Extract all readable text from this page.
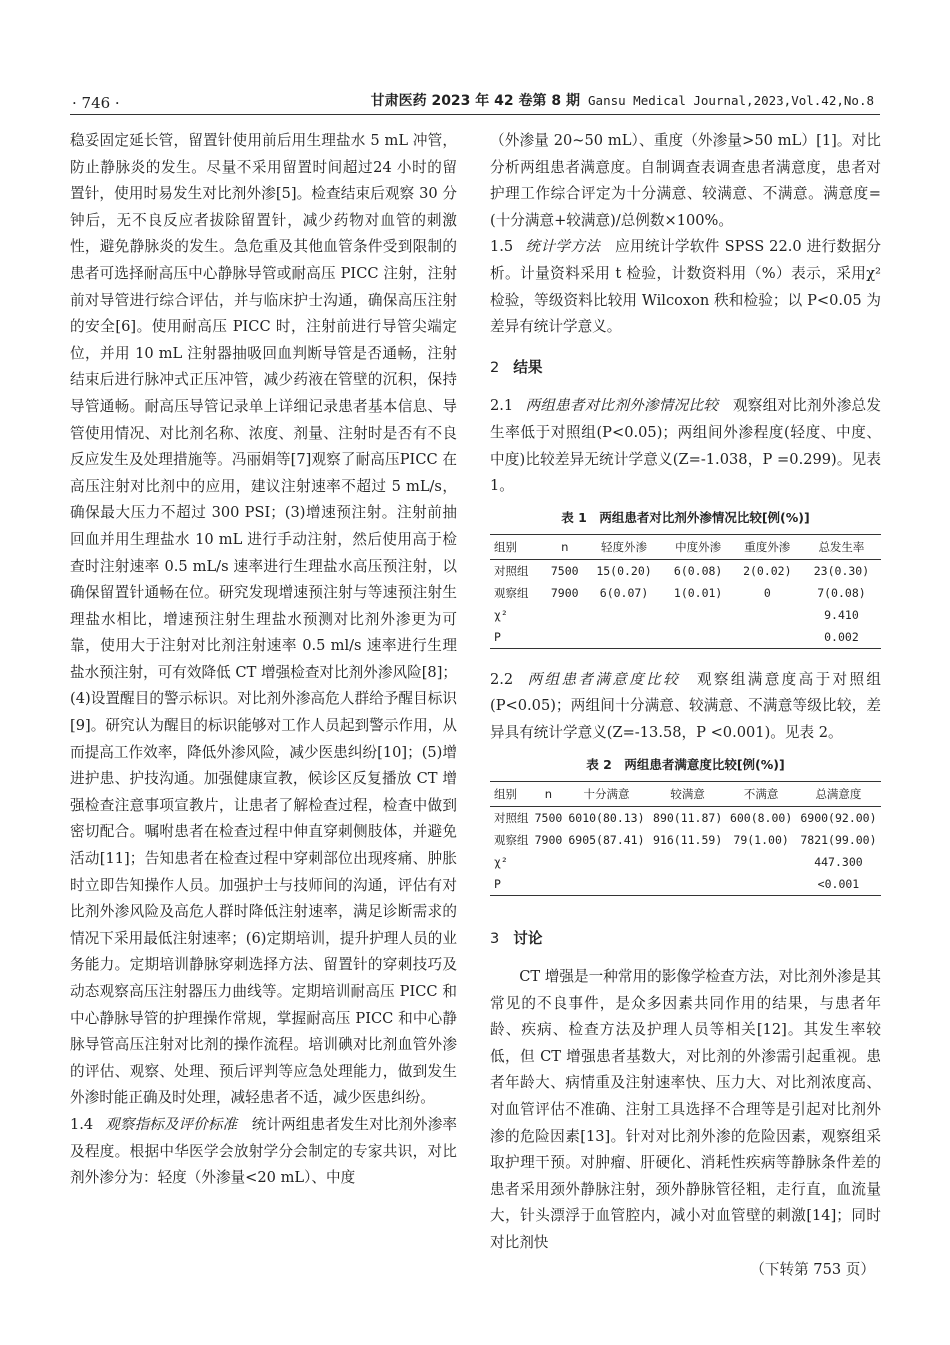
· 746 ·	甘肃医药 2023 年 42 卷第 8 期 Gansu Medical Journal,2023,Vol.42,No.8

稳妥固定延长管，留置针使用前后用生理盐水 5 mL 冲管，防止静脉炎的发生。尽量不采用留置时间超过24 小时的留置针，使用时易发生对比剂外渗[5]。检查结束后观察 30 分钟后，无不良反应者拔除留置针，减少药物对血管的刺激性，避免静脉炎的发生。急危重及其他血管条件受到限制的患者可选择耐高压中心静脉导管或耐高压 PICC 注射，注射前对导管进行综合评估，并与临床护士沟通，确保高压注射的安全[6]。使用耐高压 PICC 时，注射前进行导管尖端定位，并用 10 mL 注射器抽吸回血判断导管是否通畅，注射结束后进行脉冲式正压冲管，减少药液在管壁的沉积，保持导管通畅。耐高压导管记录单上详细记录患者基本信息、导管使用情况、对比剂名称、浓度、剂量、注射时是否有不良反应发生及处理措施等。冯丽娟等[7]观察了耐高压PICC 在高压注射对比剂中的应用，建议注射速率不超过 5 mL/s，确保最大压力不超过 300 PSI；(3)增速预注射。注射前抽回血并用生理盐水 10 mL 进行手动注射，然后使用高于检查时注射速率 0.5 mL/s 速率进行生理盐水高压预注射，以确保留置针通畅在位。研究发现增速预注射与等速预注射生理盐水相比，增速预注射生理盐水预测对比剂外渗更为可靠，使用大于注射对比剂注射速率 0.5 ml/s 速率进行生理盐水预注射，可有效降低 CT 增强检查对比剂外渗风险[8]；(4)设置醒目的警示标识。对比剂外渗高危人群给予醒目标识[9]。研究认为醒目的标识能够对工作人员起到警示作用，从而提高工作效率，降低外渗风险，减少医患纠纷[10]；(5)增进护患、护技沟通。加强健康宣教，候诊区反复播放 CT 增强检查注意事项宣教片，让患者了解检查过程，检查中做到密切配合。嘱咐患者在检查过程中伸直穿刺侧肢体，并避免活动[11]；告知患者在检查过程中穿刺部位出现疼痛、肿胀时立即告知操作人员。加强护士与技师间的沟通，评估有对比剂外渗风险及高危人群时降低注射速率，满足诊断需求的情况下采用最低注射速率；(6)定期培训，提升护理人员的业务能力。定期培训静脉穿刺选择方法、留置针的穿刺技巧及动态观察高压注射器压力曲线等。定期培训耐高压 PICC 和中心静脉导管的护理操作常规，掌握耐高压 PICC 和中心静脉导管高压注射对比剂的操作流程。培训碘对比剂血管外渗的评估、观察、处理、预后评判等应急处理能力，做到发生外渗时能正确及时处理，减轻患者不适，减少医患纠纷。

1.4 观察指标及评价标准　 统计两组患者发生对比剂外渗率及程度。根据中华医学会放射学分会制定的专家共识，对比剂外渗分为：轻度（外渗量<20 mL）、中度

（外渗量 20~50 mL）、重度（外渗量>50 mL）[1]。对比分析两组患者满意度。自制调查表调查患者满意度，患者对护理工作综合评定为十分满意、较满意、不满意。满意度=(十分满意+较满意)/总例数×100%。

1.5 统计学方法　 应用统计学软件 SPSS 22.0 进行数据分析。计量资料采用 t 检验，计数资料用（%）表示，采用χ² 检验，等级资料比较用 Wilcoxon 秩和检验；以 P<0.05 为差异有统计学意义。

2 结果

2.1 两组患者对比剂外渗情况比较　 观察组对比剂外渗总发生率低于对照组(P<0.05)；两组间外渗程度(轻度、中度、中度)比较差异无统计学意义(Z=-1.038，P =0.299)。见表 1。

表 1　两组患者对比剂外渗情况比较[例(%)]
组别	n	轻度外渗	中度外渗	重度外渗	总发生率
对照组	7500	15(0.20)	6(0.08)	2(0.02)	23(0.30)
观察组	7900	6(0.07)	1(0.01)	0	7(0.08)
χ²					9.410
P					0.002

2.2 两组患者满意度比较　 观察组满意度高于对照组(P<0.05)；两组间十分满意、较满意、不满意等级比较，差异具有统计学意义(Z=-13.58，P <0.001)。见表 2。

表 2　两组患者满意度比较[例(%)]
组别	n	十分满意	较满意	不满意	总满意度
对照组	7500	6010(80.13)	890(11.87)	600(8.00)	6900(92.00)
观察组	7900	6905(87.41)	916(11.59)	79(1.00)	7821(99.00)
χ²					447.300
P					<0.001
3 讨论

CT 增强是一种常用的影像学检查方法，对比剂外渗是其常见的不良事件，是众多因素共同作用的结果，与患者年龄、疾病、检查方法及护理人员等相关[12]。其发生率较低，但 CT 增强患者基数大，对比剂的外渗需引起重视。患者年龄大、病情重及注射速率快、压力大、对比剂浓度高、对血管评估不准确、注射工具选择不合理等是引起对比剂外渗的危险因素[13]。针对对比剂外渗的危险因素，观察组采取护理干预。对肿瘤、肝硬化、消耗性疾病等静脉条件差的患者采用颈外静脉注射，颈外静脉管径粗，走行直，血流量大，针头漂浮于血管腔内，减小对血管壁的刺激[14]；同时对比剂快

（下转第 753 页）
